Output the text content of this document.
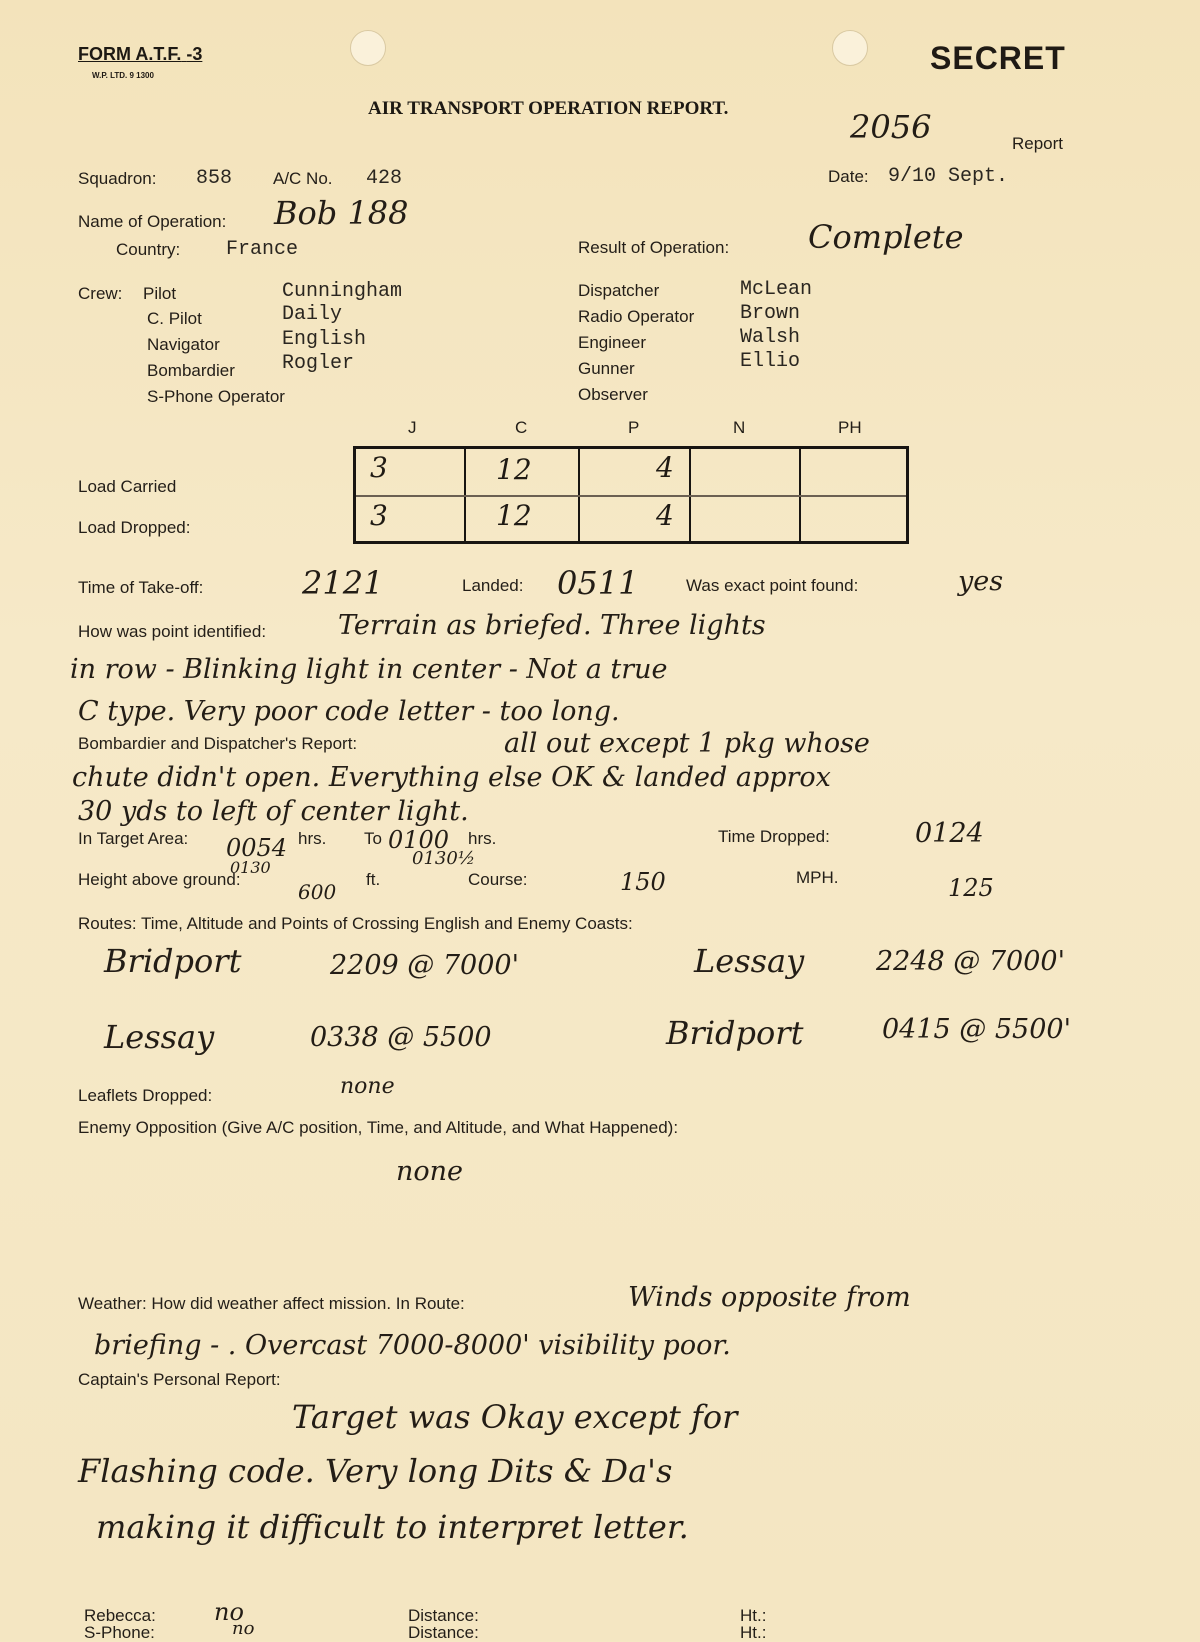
FORM A.T.F. -3
W.P. LTD. 9 1300	SECRET
AIR TRANSPORT OPERATION REPORT.	2056	Report
Squadron: 858 A/C No. 428	Date: 9/10 Sept.
Name of Operation: Bob 188
Country: France	Result of Operation: Complete
Crew: Pilot	Cunningham
C. Pilot	Daily
Navigator	English
Bombardier Rogler
S-Phone Operator
Dispatcher	McLean
Radio Operator Brown
Engineer	Walsh
Gunner	Ellio
Observer
J	C	P	N	PH
Load Carried
Load Dropped:
3	12	4
3	12	4
Time of Take-off:	2121	Landed: 0511	Was exact point found:	yes
How was point identified:	Terrain as briefed. Three lights
in row - Blinking light in center - Not a true
C type. Very poor code letter - too long.
Bombardier and Dispatcher's Report:	all out except 1 pkg whose
chute didn't open. Everything else OK & landed approx
30 yds to left of center light.
In Target Area: 0054
0130
hrs. To 0100
0130½
hrs.	Time Dropped:	0124
Height above ground:
600
ft.	Course:	150	MPH.	125
Routes: Time, Altitude and Points of Crossing English and Enemy Coasts:
Bridport	2209 @ 7000'	Lessay	2248 @ 7000'
Lessay	0338 @ 5500	Bridport	0415 @ 5500'
Leaflets Dropped:	none
Enemy Opposition (Give A/C position, Time, and Altitude, and What Happened):
none
Weather: How did weather affect mission. In Route:	Winds opposite from
briefing - . Overcast 7000-8000' visibility poor.
Captain's Personal Report:
Target was Okay except for
Flashing code. Very long Dits & Da's
making it difficult to interpret letter.
Rebecca: no	Distance:	Ht.:
S-Phone:	no	Distance:	Ht.:
